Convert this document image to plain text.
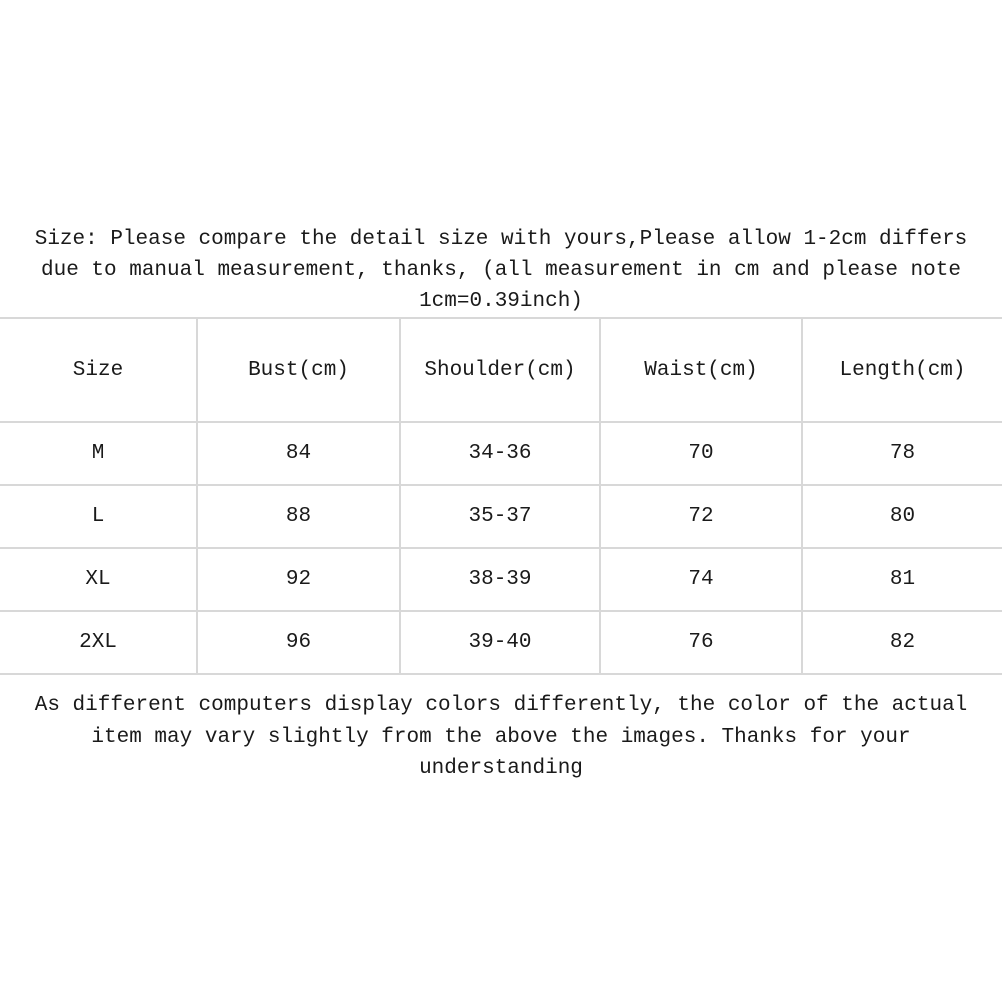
Size: Please compare the detail size with yours,Please allow 1-2cm differs
due to manual measurement, thanks, (all measurement in cm and please note
1cm=0.39inch)
Size	Bust(cm)	Shoulder(cm)	Waist(cm)	Length(cm)
M	84	34-36	70	78
L	88	35-37	72	80
XL	92	38-39	74	81
2XL	96	39-40	76	82
As different computers display colors differently, the color of the actual
item may vary slightly from the above the images. Thanks for your
understanding
